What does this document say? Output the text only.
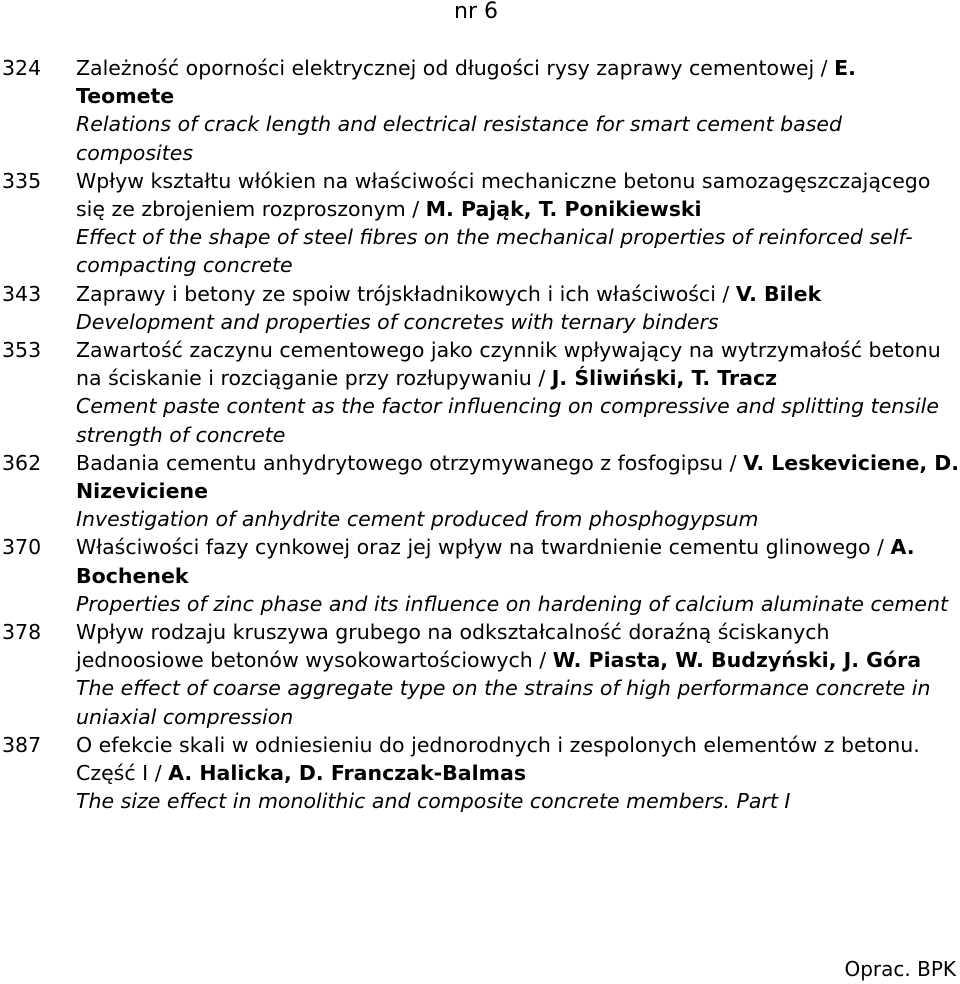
nr 6
324	Zależność oporności elektrycznej od długości rysy zaprawy cementowej / E. Teomete
Relations of crack length and electrical resistance for smart cement based composites
335	Wpływ kształtu włókien na właściwości mechaniczne betonu samozagęszczającego się ze zbrojeniem rozproszonym / M. Pająk, T. Ponikiewski
Effect of the shape of steel fibres on the mechanical properties of reinforced self-compacting concrete
343	Zaprawy i betony ze spoiw trójskładnikowych i ich właściwości / V. Bilek
Development and properties of concretes with ternary binders
353	Zawartość zaczynu cementowego jako czynnik wpływający na wytrzymałość betonu na ściskanie i rozciąganie przy rozłupywaniu / J. Śliwiński, T. Tracz
Cement paste content as the factor influencing on compressive and splitting tensile strength of concrete
362	Badania cementu anhydrytowego otrzymywanego z fosfogipsu / V. Leskeviciene, D. Nizeviciene
Investigation of anhydrite cement produced from phosphogypsum
370	Właściwości fazy cynkowej oraz jej wpływ na twardnienie cementu glinowego / A. Bochenek
Properties of zinc phase and its influence on hardening of calcium aluminate cement
378	Wpływ rodzaju kruszywa grubego na odkształcalność doraźną ściskanych jednoosiowe betonów wysokowartościowych / W. Piasta, W. Budzyński, J. Góra
The effect of coarse aggregate type on the strains of high performance concrete in uniaxial compression
387	O efekcie skali w odniesieniu do jednorodnych i zespolonych elementów z betonu. Część I / A. Halicka, D. Franczak-Balmas
The size effect in monolithic and composite concrete members. Part I
Oprac. BPK
